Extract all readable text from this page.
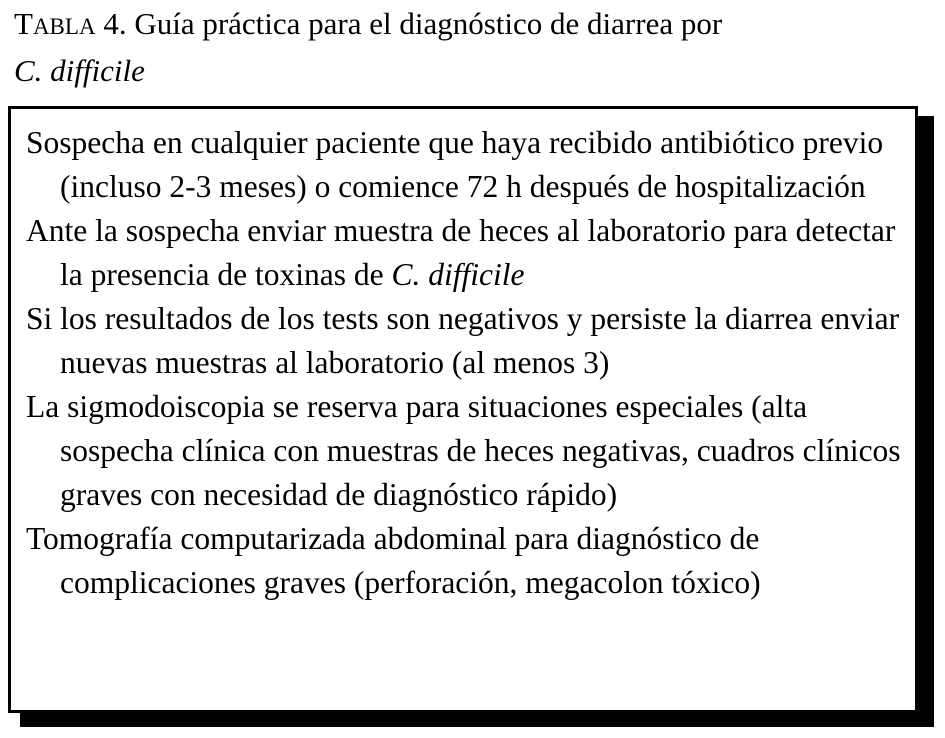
TABLA 4. Guía práctica para el diagnóstico de diarrea por
C. difficile
Sospecha en cualquier paciente que haya recibido antibiótico previo (incluso 2-3 meses) o comience 72 h después de hospitalización
Ante la sospecha enviar muestra de heces al laboratorio para detectar la presencia de toxinas de C. difficile
Si los resultados de los tests son negativos y persiste la diarrea enviar nuevas muestras al laboratorio (al menos 3)
La sigmodoiscopia se reserva para situaciones especiales (alta sospecha clínica con muestras de heces negativas, cuadros clínicos graves con necesidad de diagnóstico rápido)
Tomografía computarizada abdominal para diagnóstico de complicaciones graves (perforación, megacolon tóxico)
